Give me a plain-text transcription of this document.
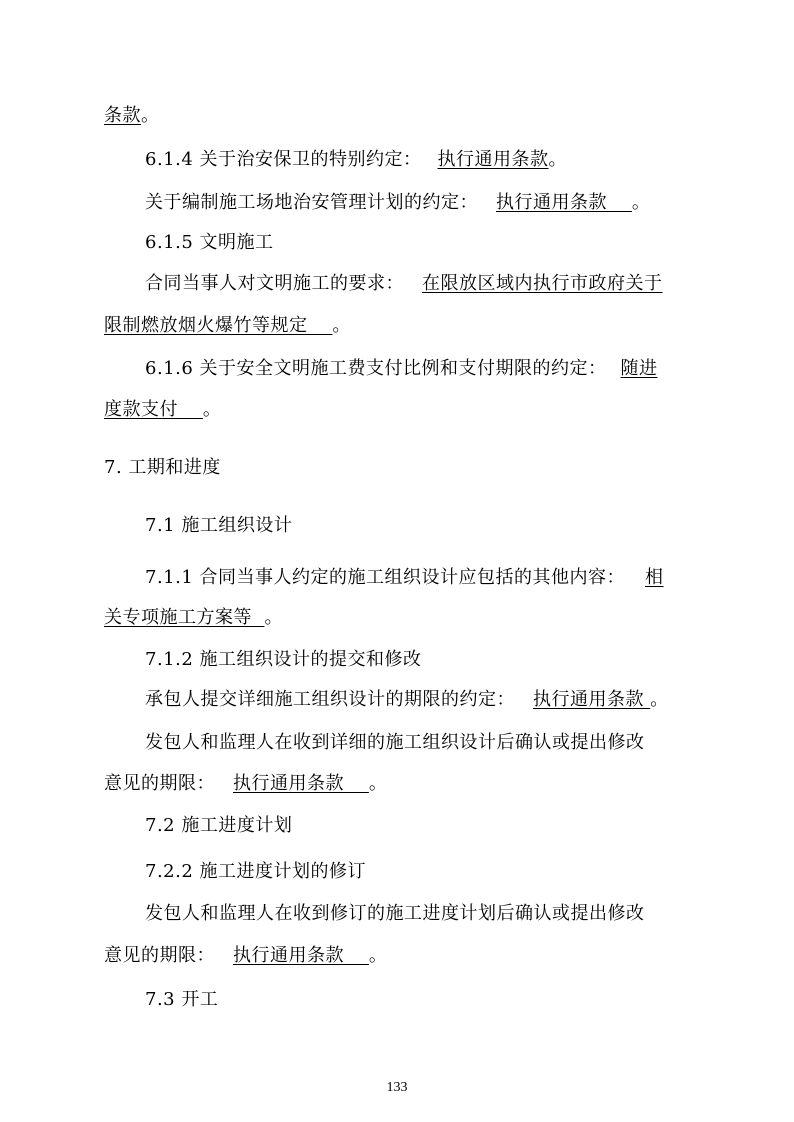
条款。
6.1.4 关于治安保卫的特别约定： 执行通用条款。
关于编制施工场地治安管理计划的约定： 执行通用条款 。
6.1.5 文明施工
合同当事人对文明施工的要求： 在限放区域内执行市政府关于
限制燃放烟火爆竹等规定 。
6.1.6 关于安全文明施工费支付比例和支付期限的约定： 随进
度款支付 。
7. 工期和进度
7.1 施工组织设计
7.1.1 合同当事人约定的施工组织设计应包括的其他内容： 相
关专项施工方案等 。
7.1.2 施工组织设计的提交和修改
承包人提交详细施工组织设计的期限的约定： 执行通用条款 。
发包人和监理人在收到详细的施工组织设计后确认或提出修改
意见的期限： 执行通用条款 。
7.2 施工进度计划
7.2.2 施工进度计划的修订
发包人和监理人在收到修订的施工进度计划后确认或提出修改
意见的期限： 执行通用条款 。
7.3 开工
133
